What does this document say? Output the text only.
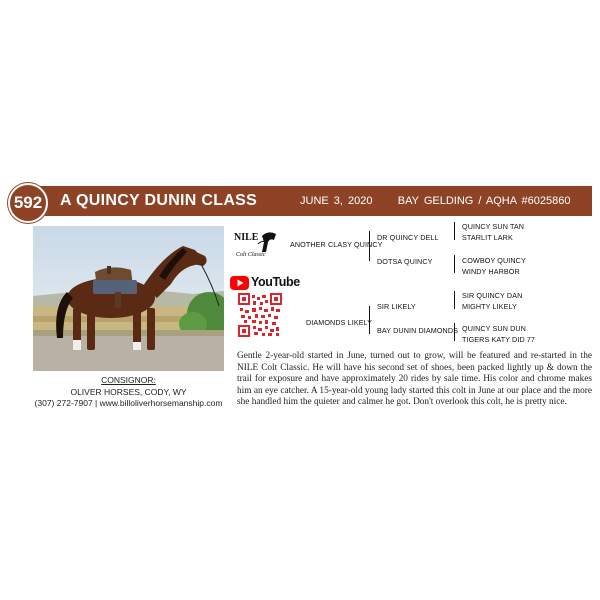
592	A QUINCY DUNIN CLASS	JUNE 3, 2020 BAY GELDING / AQHA #6025860
CONSIGNOR:
OLIVER HORSES, CODY, WY
(307) 272-7907 | www.billoliverhorsemanship.com
NILE
Colt Classic
YouTube
ANOTHER CLASY QUINCY
DIAMONDS LIKELY
DR QUINCY DELL
DOTSA QUINCY
SIR LIKELY
BAY DUNIN DIAMONDS
QUINCY SUN TAN
STARLIT LARK
COWBOY QUINCY
WINDY HARBOR
SIR QUINCY DAN
MIGHTY LIKELY
QUINCY SUN DUN
TIGERS KATY DID 77
Gentle 2-year-old started in June, turned out to grow, will be featured and re-started in the NILE Colt Classic. He will have his second set of shoes, been packed lightly up & down the trail for exposure and have approximately 20 rides by sale time. His color and chrome makes him an eye catcher. A 15-year-old young lady started this colt in June at our place and the more she handled him the quieter and calmer he got. Don't overlook this colt, he is pretty nice.
